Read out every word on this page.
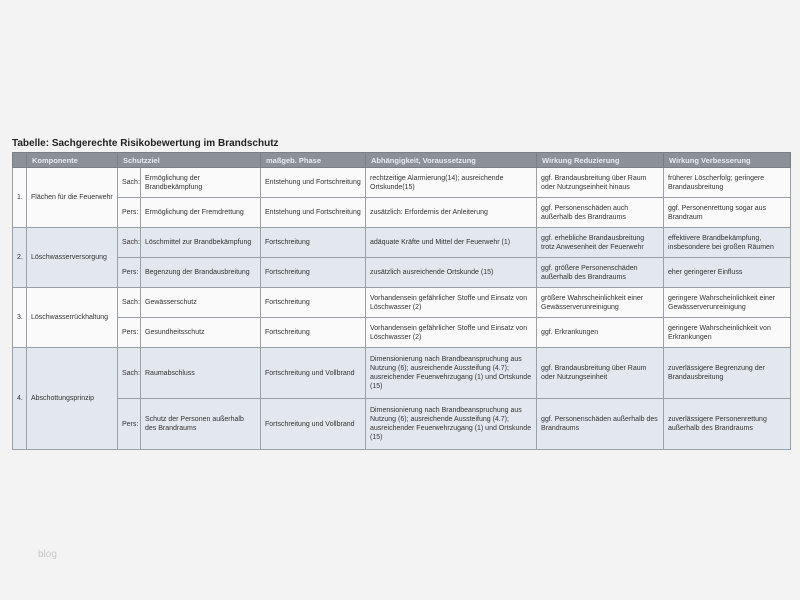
Tabelle: Sachgerechte Risikobewertung im Brandschutz
	Komponente	Schutzziel		maßgeb. Phase	Abhängigkeit, Voraussetzung	Wirkung Reduzierung	Wirkung Verbesserung
1.	Flächen für die Feuerwehr	Sach:	Ermöglichung der Brandbekämpfung	Entstehung und Fortschreitung	rechtzeitige Alarmierung(14); ausreichende Ortskunde(15)	ggf. Brandausbreitung über Raum oder Nutzungseinheit hinaus	früherer Löscherfolg; geringere Brandausbreitung
		Pers:	Ermöglichung der Fremdrettung	Entstehung und Fortschreitung	zusätzlich: Erfordernis der Anleiterung	ggf. Personenschäden auch außerhalb des Brandraums	ggf. Personenrettung sogar aus Brandraum
2.	Löschwasserversorgung	Sach:	Löschmittel zur Brandbekämpfung	Fortschreitung	adäquate Kräfte und Mittel der Feuerwehr (1)	ggf. erhebliche Brandausbreitung trotz Anwesenheit der Feuerwehr	effektivere Brandbekämpfung, insbesondere bei großen Räumen
		Pers:	Begenzung der Brandausbreitung	Fortschreitung	zusätzlich ausreichende Ortskunde (15)	ggf. größere Personenschäden außerhalb des Brandraums	eher geringerer Einfluss
3.	Löschwasserrückhaltung	Sach:	Gewässerschutz	Fortschreitung	Vorhandensein gefährlicher Stoffe und Einsatz von Löschwasser (2)	größere Wahrscheinlichkeit einer Gewässerverunreinigung	geringere Wahrscheinlichkeit einer Gewässerverunreinigung
		Pers:	Gesundheitsschutz	Fortschreitung	Vorhandensein gefährlicher Stoffe und Einsatz von Löschwasser (2)	ggf. Erkrankungen	geringere Wahrscheinlichkeit von Erkrankungen
4.	Abschottungsprinzip	Sach:	Raumabschluss	Fortschreitung und Vollbrand	Dimensionierung nach Brandbeanspruchung aus Nutzung (6); ausreichende Aussteifung (4.7); ausreichender Feuerwehrzugang (1) und Ortskunde (15)	ggf. Brandausbreitung über Raum oder Nutzungseinheit	zuverlässigere Begrenzung der Brandausbreitung
		Pers:	Schutz der Personen außerhalb des Brandraums	Fortschreitung und Vollbrand	Dimensionierung nach Brandbeanspruchung aus Nutzung (6); ausreichende Aussteifung (4.7); ausreichender Feuerwehrzugang (1) und Ortskunde (15)	ggf. Personenschäden außerhalb des Brandraums	zuverlässigere Personenrettung außerhalb des Brandraums
blog
